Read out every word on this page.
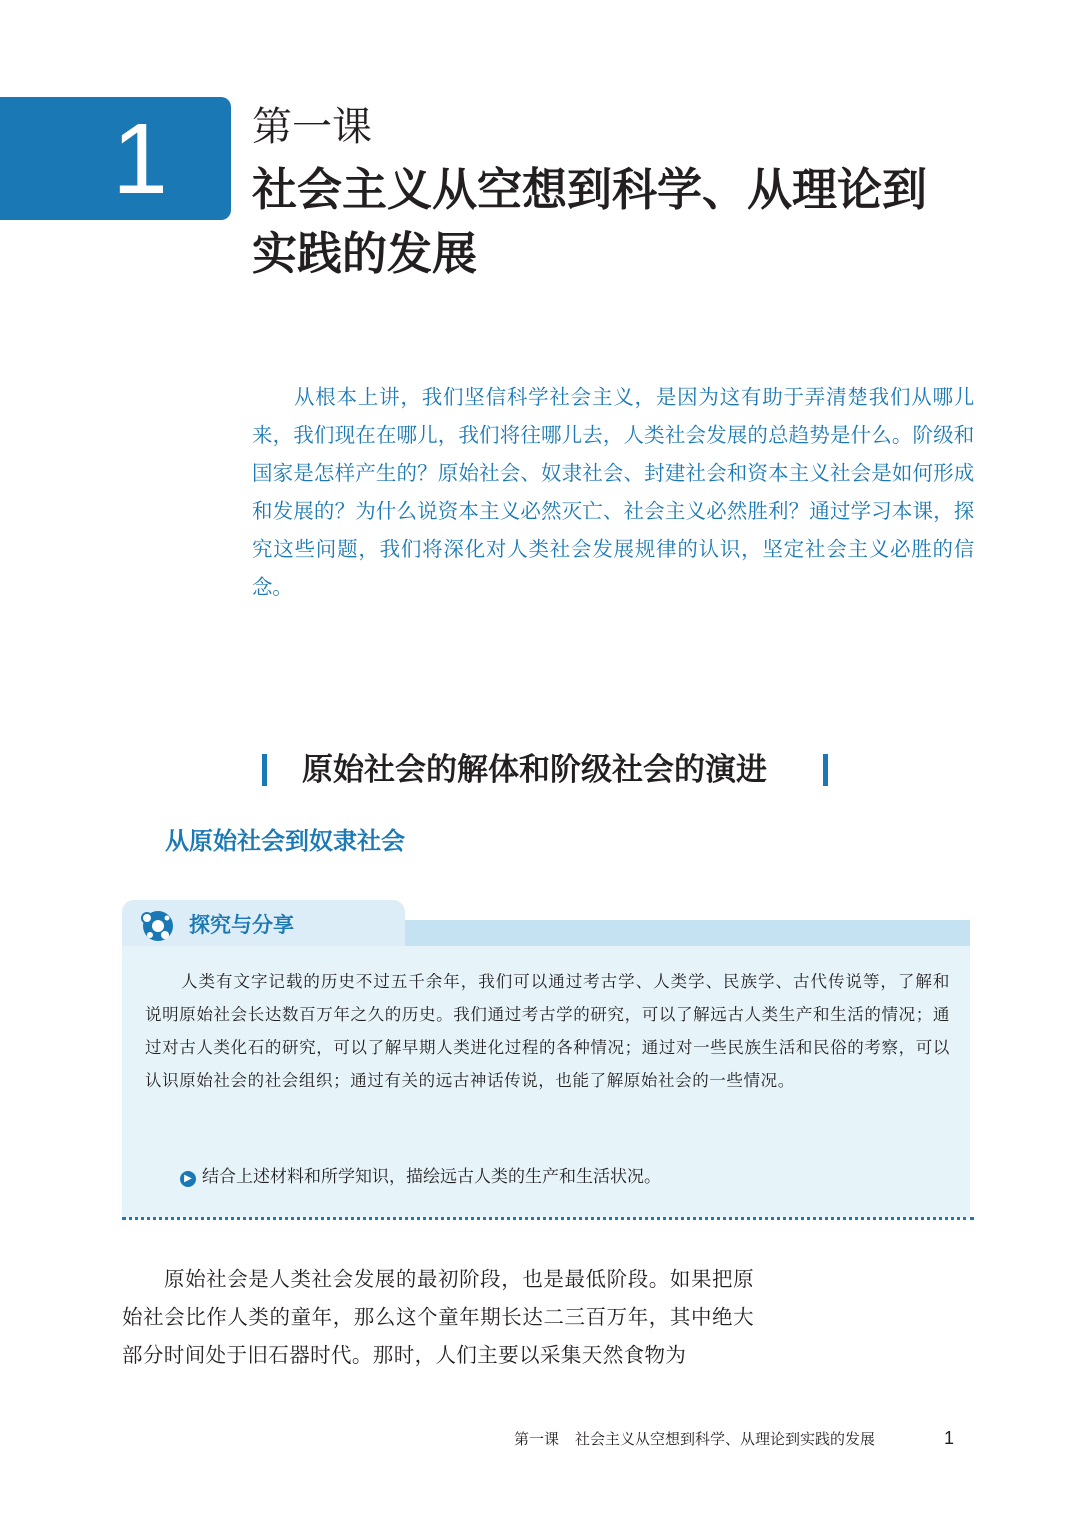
1 第一课
社会主义从空想到科学、从理论到实践的发展
从根本上讲，我们坚信科学社会主义，是因为这有助于弄清楚我们从哪儿来，我们现在在哪儿，我们将往哪儿去，人类社会发展的总趋势是什么。阶级和国家是怎样产生的？原始社会、奴隶社会、封建社会和资本主义社会是如何形成和发展的？为什么说资本主义必然灭亡、社会主义必然胜利？通过学习本课，探究这些问题，我们将深化对人类社会发展规律的认识，坚定社会主义必胜的信念。
原始社会的解体和阶级社会的演进
从原始社会到奴隶社会
探究与分享
人类有文字记载的历史不过五千余年，我们可以通过考古学、人类学、民族学、古代传说等，了解和说明原始社会长达数百万年之久的历史。我们通过考古学的研究，可以了解远古人类生产和生活的情况；通过对古人类化石的研究，可以了解早期人类进化过程的各种情况；通过对一些民族生活和民俗的考察，可以认识原始社会的社会组织；通过有关的远古神话传说，也能了解原始社会的一些情况。
▶ 结合上述材料和所学知识，描绘远古人类的生产和生活状况。
原始社会是人类社会发展的最初阶段，也是最低阶段。如果把原始社会比作人类的童年，那么这个童年期长达二三百万年，其中绝大部分时间处于旧石器时代。那时，人们主要以采集天然食物为
第一课 社会主义从空想到科学、从理论到实践的发展	1
